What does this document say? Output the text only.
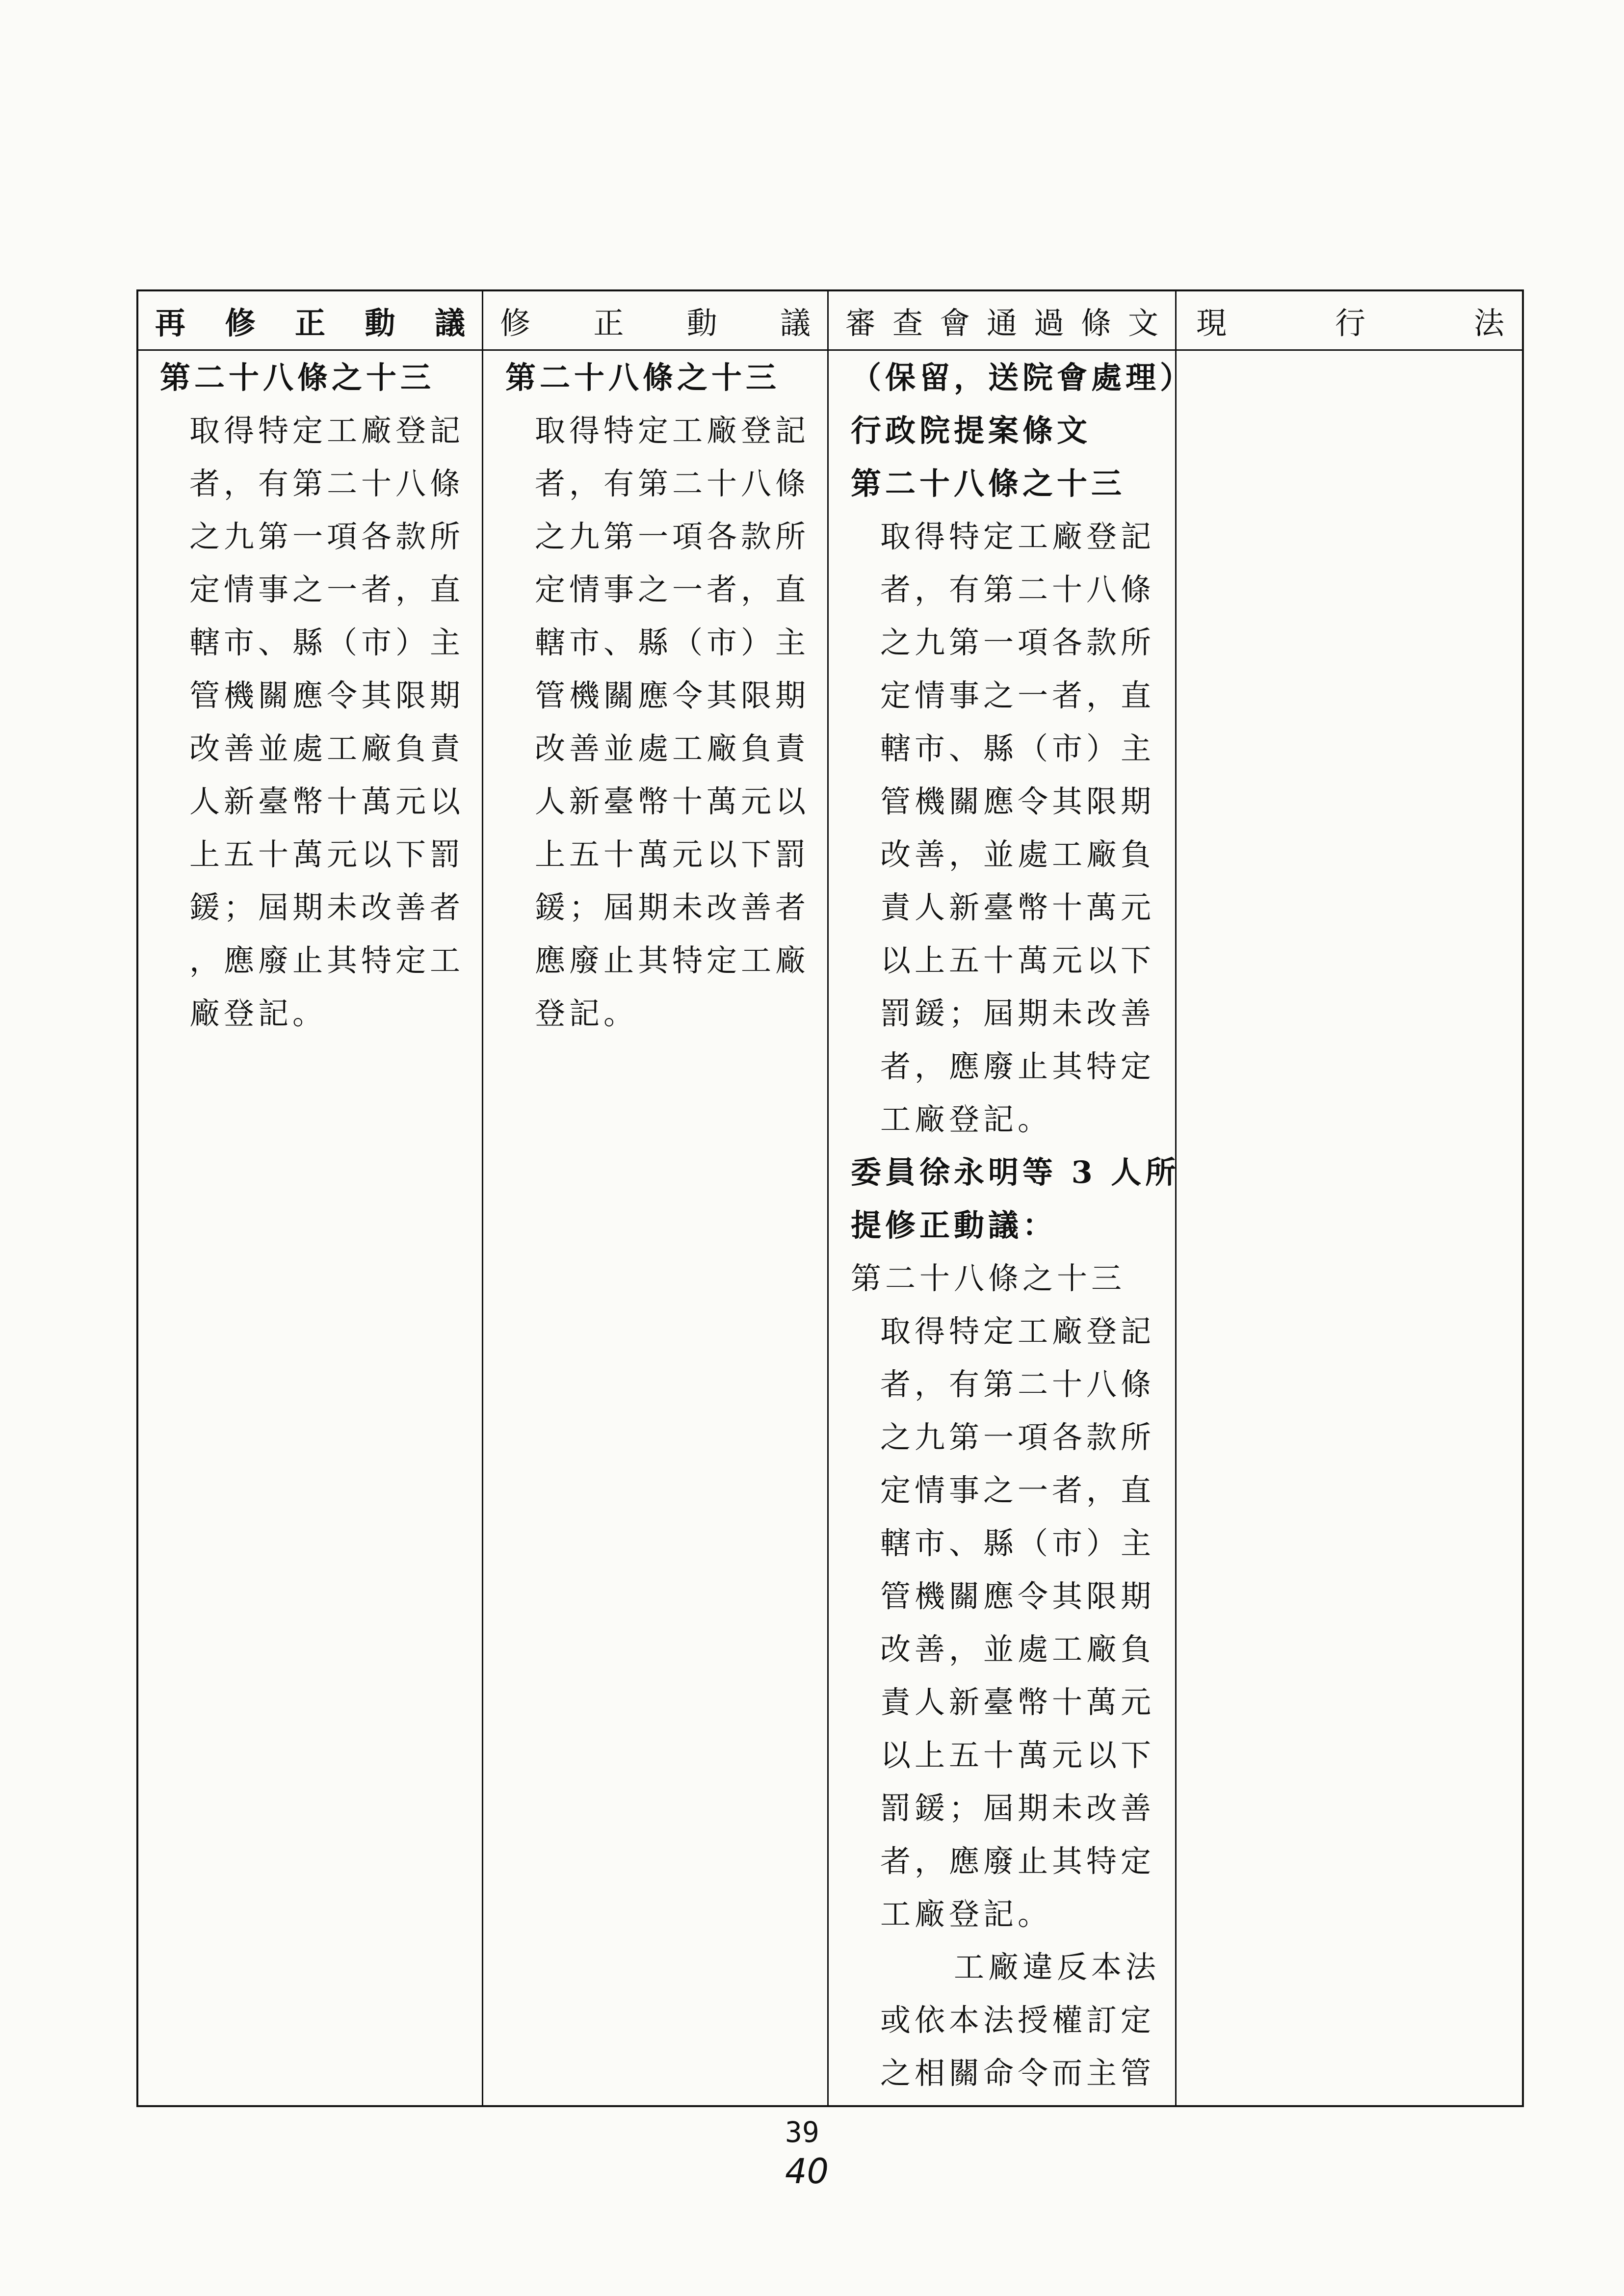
再修正動議 修正動議 審查會通過條文 現行法
第二十八條之十三
取得特定工廠登記
者，有第二十八條
之九第一項各款所
定情事之一者，直
轄市、縣（市）主
管機關應令其限期
改善並處工廠負責
人新臺幣十萬元以
上五十萬元以下罰
鍰；屆期未改善者
，應廢止其特定工
廠登記。
第二十八條之十三
取得特定工廠登記
者，有第二十八條
之九第一項各款所
定情事之一者，直
轄市、縣（市）主
管機關應令其限期
改善並處工廠負責
人新臺幣十萬元以
上五十萬元以下罰
鍰；屆期未改善者
應廢止其特定工廠
登記。
（保留，送院會處理）
行政院提案條文
第二十八條之十三
取得特定工廠登記
者，有第二十八條
之九第一項各款所
定情事之一者，直
轄市、縣（市）主
管機關應令其限期
改善，並處工廠負
責人新臺幣十萬元
以上五十萬元以下
罰鍰；屆期未改善
者，應廢止其特定
工廠登記。
委員徐永明等 3 人所
提修正動議：
第二十八條之十三
取得特定工廠登記
者，有第二十八條
之九第一項各款所
定情事之一者，直
轄市、縣（市）主
管機關應令其限期
改善，並處工廠負
責人新臺幣十萬元
以上五十萬元以下
罰鍰；屆期未改善
者，應廢止其特定
工廠登記。
工廠違反本法
或依本法授權訂定
之相關命令而主管
39
40
